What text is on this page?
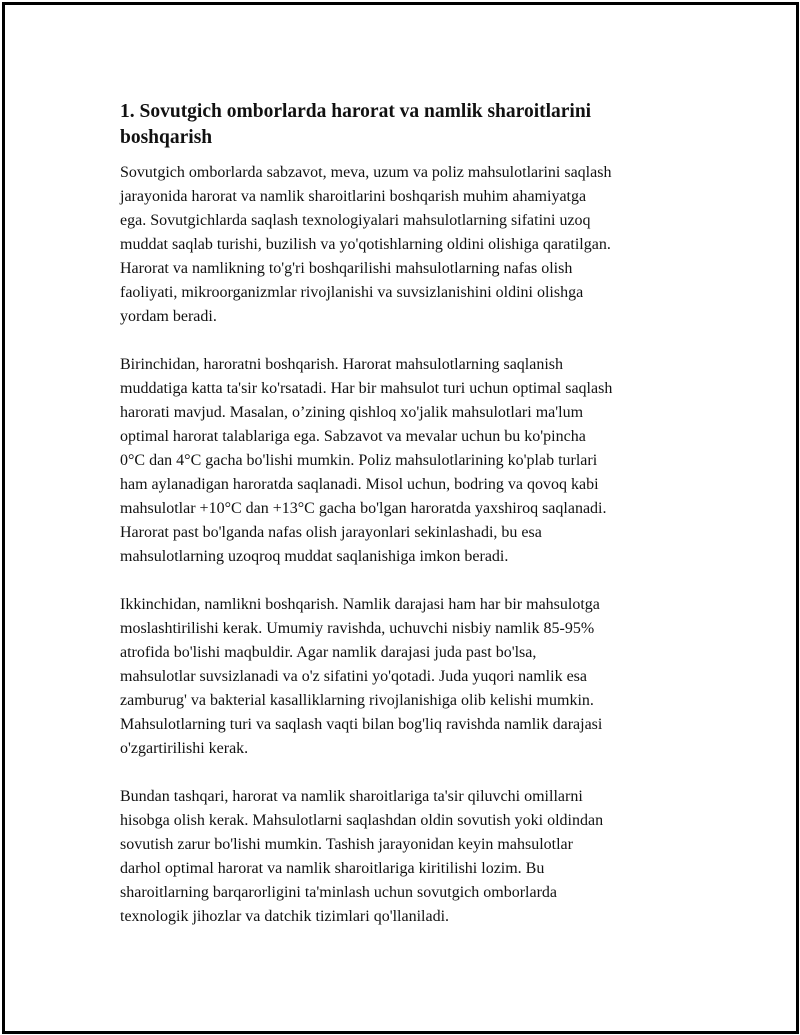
1. Sovutgich omborlarda harorat va namlik sharoitlarini
boshqarish

Sovutgich omborlarda sabzavot, meva, uzum va poliz mahsulotlarini saqlash
jarayonida harorat va namlik sharoitlarini boshqarish muhim ahamiyatga
ega. Sovutgichlarda saqlash texnologiyalari mahsulotlarning sifatini uzoq
muddat saqlab turishi, buzilish va yo'qotishlarning oldini olishiga qaratilgan.
Harorat va namlikning to'g'ri boshqarilishi mahsulotlarning nafas olish
faoliyati, mikroorganizmlar rivojlanishi va suvsizlanishini oldini olishga
yordam beradi.

Birinchidan, haroratni boshqarish. Harorat mahsulotlarning saqlanish
muddatiga katta ta'sir ko'rsatadi. Har bir mahsulot turi uchun optimal saqlash
harorati mavjud. Masalan, o’zining qishloq xo'jalik mahsulotlari ma'lum
optimal harorat talablariga ega. Sabzavot va mevalar uchun bu ko'pincha
0°C dan 4°C gacha bo'lishi mumkin. Poliz mahsulotlarining ko'plab turlari
ham aylanadigan haroratda saqlanadi. Misol uchun, bodring va qovoq kabi
mahsulotlar +10°C dan +13°C gacha bo'lgan haroratda yaxshiroq saqlanadi.
Harorat past bo'lganda nafas olish jarayonlari sekinlashadi, bu esa
mahsulotlarning uzoqroq muddat saqlanishiga imkon beradi.

Ikkinchidan, namlikni boshqarish. Namlik darajasi ham har bir mahsulotga
moslashtirilishi kerak. Umumiy ravishda, uchuvchi nisbiy namlik 85-95%
atrofida bo'lishi maqbuldir. Agar namlik darajasi juda past bo'lsa,
mahsulotlar suvsizlanadi va o'z sifatini yo'qotadi. Juda yuqori namlik esa
zamburug' va bakterial kasalliklarning rivojlanishiga olib kelishi mumkin.
Mahsulotlarning turi va saqlash vaqti bilan bog'liq ravishda namlik darajasi
o'zgartirilishi kerak.

Bundan tashqari, harorat va namlik sharoitlariga ta'sir qiluvchi omillarni
hisobga olish kerak. Mahsulotlarni saqlashdan oldin sovutish yoki oldindan
sovutish zarur bo'lishi mumkin. Tashish jarayonidan keyin mahsulotlar
darhol optimal harorat va namlik sharoitlariga kiritilishi lozim. Bu
sharoitlarning barqarorligini ta'minlash uchun sovutgich omborlarda
texnologik jihozlar va datchik tizimlari qo'llaniladi.
